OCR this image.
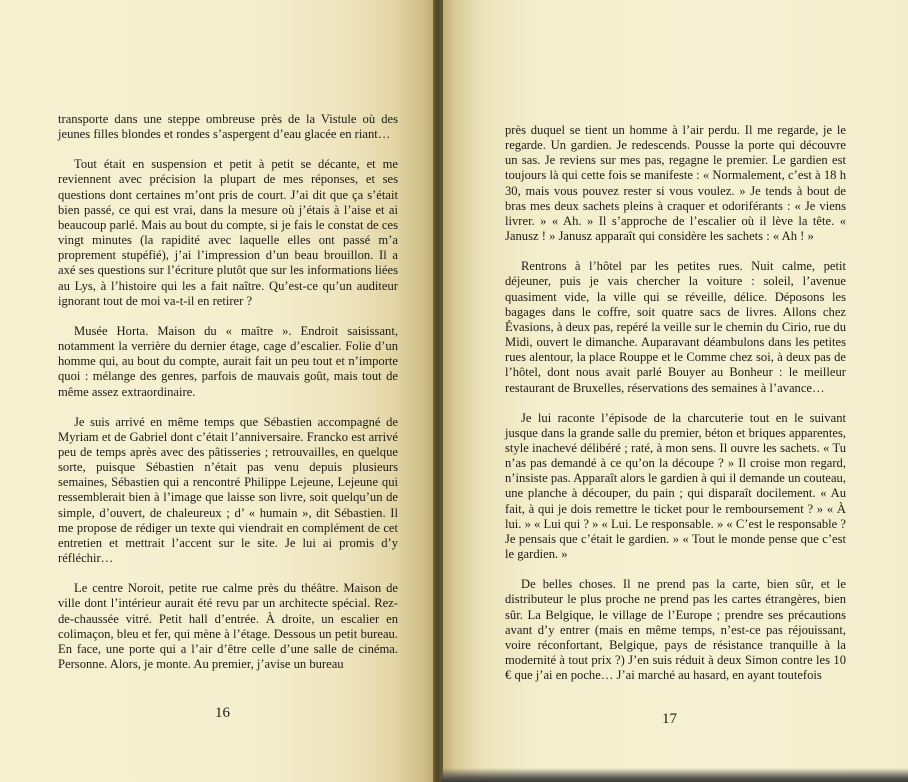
transporte dans une steppe ombreuse près de la Vistule où des jeunes filles blondes et rondes s’aspergent d’eau glacée en riant…

Tout était en suspension et petit à petit se décante, et me reviennent avec précision la plupart de mes réponses, et ses questions dont certaines m’ont pris de court. J’ai dit que ça s’était bien passé, ce qui est vrai, dans la mesure où j’étais à l’aise et ai beaucoup parlé. Mais au bout du compte, si je fais le constat de ces vingt minutes (la rapidité avec laquelle elles ont passé m’a proprement stupéfié), j’ai l’impression d’un beau brouillon. Il a axé ses questions sur l’écriture plutôt que sur les informations liées au Lys, à l’histoire qui les a fait naître. Qu’est-ce qu’un auditeur ignorant tout de moi va-t-il en retirer ?

Musée Horta. Maison du « maître ». Endroit saisissant, notamment la verrière du dernier étage, cage d’escalier. Folie d’un homme qui, au bout du compte, aurait fait un peu tout et n’importe quoi : mélange des genres, parfois de mauvais goût, mais tout de même assez extraordinaire.

Je suis arrivé en même temps que Sébastien accompagné de Myriam et de Gabriel dont c’était l’anniversaire. Francko est arrivé peu de temps après avec des pâtisseries ; retrouvailles, en quelque sorte, puisque Sébastien n’était pas venu depuis plusieurs semaines, Sébastien qui a rencontré Philippe Lejeune, Lejeune qui ressemblerait bien à l’image que laisse son livre, soit quelqu’un de simple, d’ouvert, de chaleureux ; d’ « humain », dit Sébastien. Il me propose de rédiger un texte qui viendrait en complément de cet entretien et mettrait l’accent sur le site. Je lui ai promis d’y réfléchir…

Le centre Noroit, petite rue calme près du théâtre. Maison de ville dont l’intérieur aurait été revu par un architecte spécial. Rez-de-chaussée vitré. Petit hall d’entrée. À droite, un escalier en colimaçon, bleu et fer, qui mène à l’étage. Dessous un petit bureau. En face, une porte qui a l’air d’être celle d’une salle de cinéma. Personne. Alors, je monte. Au premier, j’avise un bureau

16

près duquel se tient un homme à l’air perdu. Il me regarde, je le regarde. Un gardien. Je redescends. Pousse la porte qui découvre un sas. Je reviens sur mes pas, regagne le premier. Le gardien est toujours là qui cette fois se manifeste : « Normalement, c’est à 18 h 30, mais vous pouvez rester si vous voulez. » Je tends à bout de bras mes deux sachets pleins à craquer et odoriférants : « Je viens livrer. » « Ah. » Il s’approche de l’escalier où il lève la tête. « Janusz ! » Janusz apparaît qui considère les sachets : « Ah ! »

Rentrons à l’hôtel par les petites rues. Nuit calme, petit déjeuner, puis je vais chercher la voiture : soleil, l’avenue quasiment vide, la ville qui se réveille, délice. Déposons les bagages dans le coffre, soit quatre sacs de livres. Allons chez Évasions, à deux pas, repéré la veille sur le chemin du Cirio, rue du Midi, ouvert le dimanche. Auparavant déambulons dans les petites rues alentour, la place Rouppe et le Comme chez soi, à deux pas de l’hôtel, dont nous avait parlé Bouyer au Bonheur : le meilleur restaurant de Bruxelles, réservations des semaines à l’avance…

Je lui raconte l’épisode de la charcuterie tout en le suivant jusque dans la grande salle du premier, béton et briques apparentes, style inachevé délibéré ; raté, à mon sens. Il ouvre les sachets. « Tu n’as pas demandé à ce qu’on la découpe ? » Il croise mon regard, n’insiste pas. Apparaît alors le gardien à qui il demande un couteau, une planche à découper, du pain ; qui disparaît docilement. « Au fait, à qui je dois remettre le ticket pour le remboursement ? » « À lui. » « Lui qui ? » « Lui. Le responsable. » « C’est le responsable ? Je pensais que c’était le gardien. » « Tout le monde pense que c’est le gardien. »

De belles choses. Il ne prend pas la carte, bien sûr, et le distributeur le plus proche ne prend pas les cartes étrangères, bien sûr. La Belgique, le village de l’Europe ; prendre ses précautions avant d’y entrer (mais en même temps, n’est-ce pas réjouissant, voire réconfortant, Belgique, pays de résistance tranquille à la modernité à tout prix ?) J’en suis réduit à deux Simon contre les 10 € que j’ai en poche… J’ai marché au hasard, en ayant toutefois

17
